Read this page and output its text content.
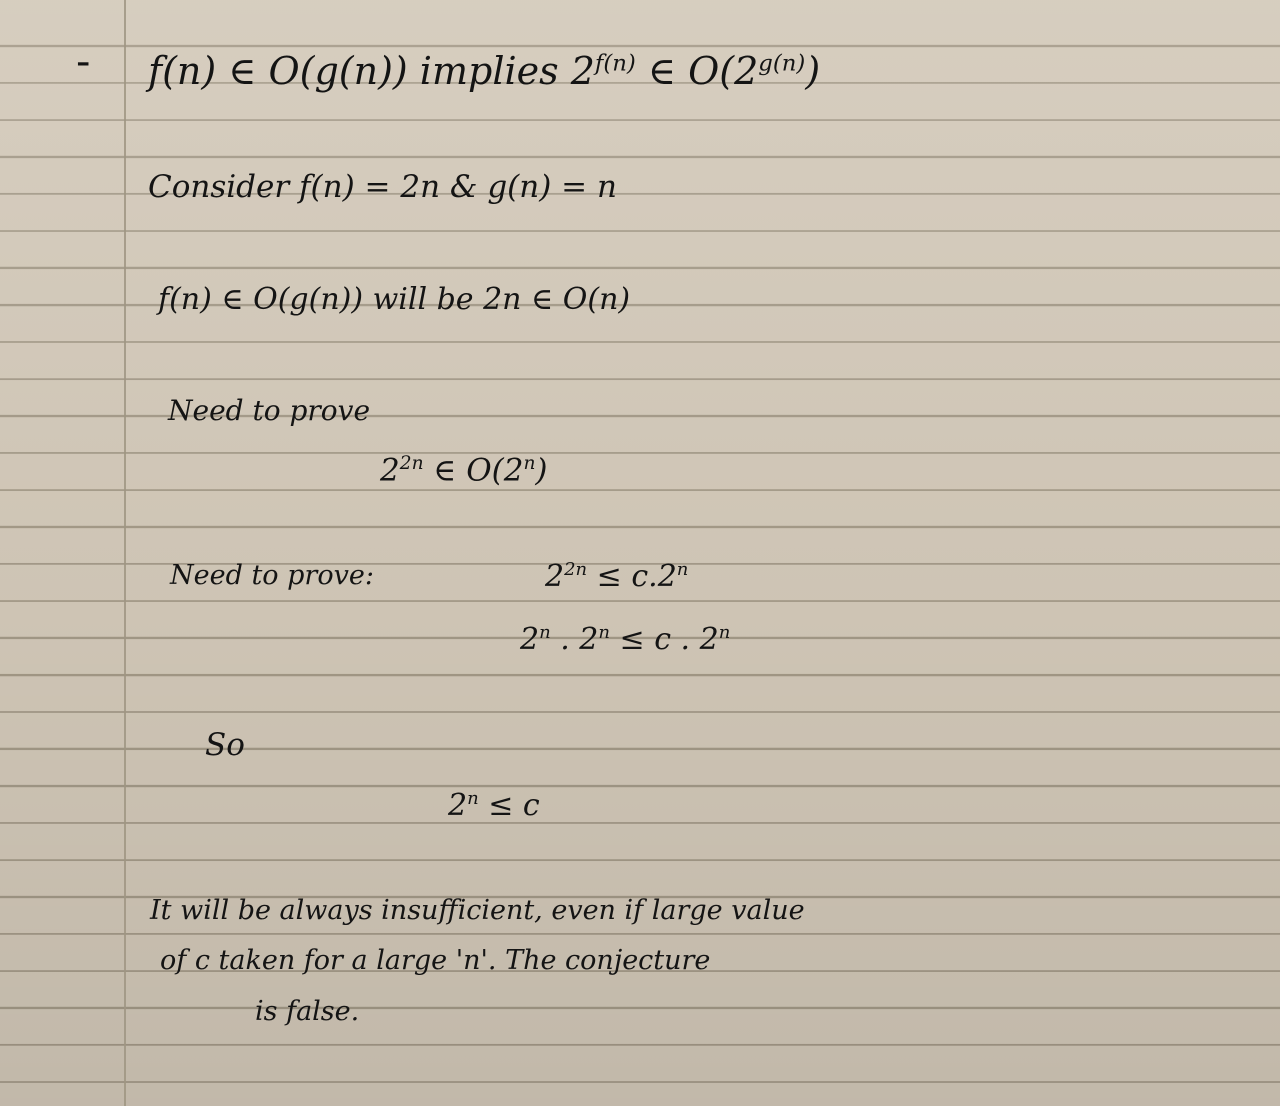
- f(n) ∈ O(g(n)) implies $2^{f(n)}$ ∈ $O(2^{g(n)})$
Consider f(n) = 2n & g(n) = n
f(n) ∈ O(g(n)) will be 2n ∈ O(n)
Need to prove
$2^{2n}$ ∈ O(2$^n$)
Need to prove:	$2^{2n} \le c.2^n$
2$^n$ . $2^n \le c$ . 2$^n$
So
$2^n \le c$
It will be always insufficient, even if large value
of c taken for a large 'n'. The conjecture
is false.
